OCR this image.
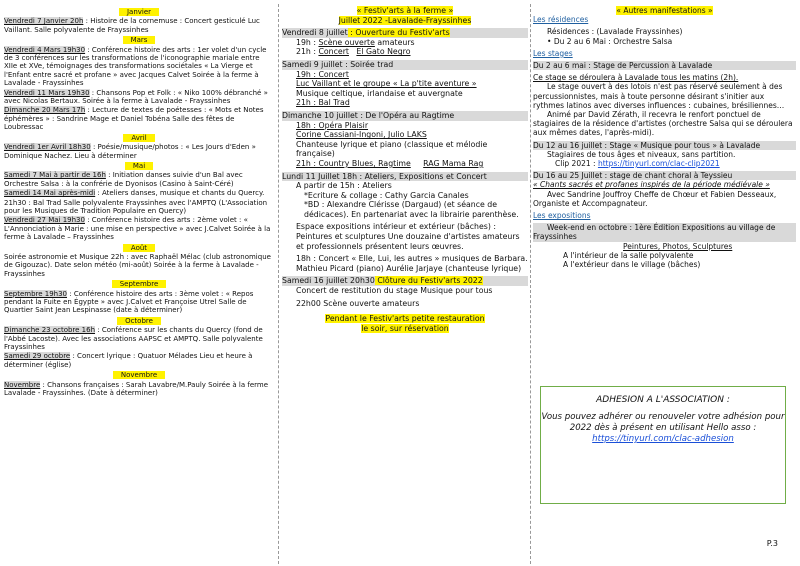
Janvier
Vendredi 7 Janvier 20h : Histoire de la cornemuse : Concert gesticulé Luc Vaillant. Salle polyvalente de Frayssinhes
Mars
Vendredi 4 Mars 19h30 : Conférence histoire des arts : 1er volet d'un cycle de 3 conférences sur les transformations de l'iconographie mariale entre XIIe et XVe, témoignages des transformations sociétales « La Vierge et l'Enfant entre sacré et profane » avec Jacques Calvet Soirée à la ferme à Lavalade - Frayssinhes
Vendredi 11 Mars 19h30 : Chansons Pop et Folk : « Niko 100% débranché » avec Nicolas Bertaux. Soirée à la ferme à Lavalade - Frayssinhes
Dimanche 20 Mars 17h : Lecture de textes de poétesses : « Mots et Notes éphémères » : Sandrine Mage et Daniel Tobéna Salle des fêtes de Loubressac
Avril
Vendredi 1er Avril 18h30 : Poésie/musique/photos : « Les Jours d'Eden » Dominique Nachez. Lieu à déterminer
Mai
Samedi 7 Mai à partir de 16h : Initiation danses suivie d'un Bal avec Orchestre Salsa : à la confrérie de Dyonisos (Casino à Saint-Céré)
Samedi 14 Mai après-midi : Ateliers danses, musique et chants du Quercy.
21h30 : Bal Trad Salle polyvalente Frayssinhes avec l'AMPTQ (L'Association pour les Musiques de Tradition Populaire en Quercy)
Vendredi 27 Mai 19h30 : Conférence histoire des arts : 2ème volet : « L'Annonciation à Marie : une mise en perspective » avec J.Calvet Soirée à la ferme à Lavalade – Frayssinhes
Août
Soirée astronomie et Musique 22h : avec Raphaël Mélac (club astronomique de Gigouzac). Date selon météo (mi-août) Soirée à la ferme à Lavalade - Frayssinhes
Septembre
Septembre 19h30 : Conférence histoire des arts : 3ème volet : « Repos pendant la Fuite en Égypte » avec J.Calvet et Françoise Utrel Salle de Quartier Saint Jean Lespinasse (date à déterminer)
Octobre
Dimanche 23 octobre 16h : Conférence sur les chants du Quercy (fond de l'Abbé Lacoste). Avec les associations AAPSC et AMPTQ. Salle polyvalente Frayssinhes
Samedi 29 octobre : Concert lyrique : Quatuor Mélades Lieu et heure à déterminer (église)
Novembre
Novembre : Chansons françaises : Sarah Lavabre/M.Pauly Soirée à la ferme Lavalade - Frayssinhes. (Date à déterminer)
« Festiv'arts à la ferme »
Juillet 2022 -Lavalade-Frayssinhes
Vendredi 8 juillet : Ouverture du Festiv'arts
19h : Scène ouverte amateurs
21h : Concert El Gato Negro
Samedi 9 juillet : Soirée trad
19h : Concert
Luc Vaillant et le groupe « La p'tite aventure »
Musique celtique, irlandaise et auvergnate
21h : Bal Trad
Dimanche 10 juillet : De l'Opéra au Ragtime
18h : Opéra Plaisir
Corine Cassiani-Ingoni, Julio LAKS
Chanteuse lyrique et piano (classique et mélodie française)
21h : Country Blues, Ragtime RAG Mama Rag
Lundi 11 Juillet 18h : Ateliers, Expositions et Concert
A partir de 15h : Ateliers
*Ecriture & collage : Cathy Garcia Canales
*BD : Alexandre Clérisse (Dargaud) (et séance de dédicaces). En partenariat avec la librairie parenthèse.
Espace expositions intérieur et extérieur (bâches) : Peintures et sculptures Une douzaine d'artistes amateurs et professionnels présentent leurs œuvres.
18h : Concert « Elle, Lui, les autres » musiques de Barbara. Mathieu Picard (piano) Aurélie Jarjaye (chanteuse lyrique)
Samedi 16 juillet 20h30 Clôture du Festiv'arts 2022
Concert de restitution du stage Musique pour tous
22h00 Scène ouverte amateurs
Pendant le Festiv'arts petite restauration
le soir, sur réservation
« Autres manifestations »
Les résidences
Résidences : (Lavalade Frayssinhes)
• Du 2 au 6 Mai : Orchestre Salsa
Les stages
Du 2 au 6 mai : Stage de Percussion à Lavalade
Ce stage se déroulera à Lavalade tous les matins (2h).
Le stage ouvert à des lotois n'est pas réservé seulement à des percussionnistes, mais à toute personne désirant s'initier aux rythmes latinos avec diverses influences : cubaines, brésiliennes…
Animé par David Zérath, il recevra le renfort ponctuel de stagiaires de la résidence d'artistes (orchestre Salsa qui se déroulera aux mêmes dates, l'après-midi).
Du 12 au 16 juillet : Stage « Musique pour tous » à Lavalade
Stagiaires de tous âges et niveaux, sans partition.
Clip 2021 : https://tinyurl.com/clac-clip2021
Du 16 au 25 Juillet : stage de chant choral à Teyssieu
« Chants sacrés et profanes inspirés de la période médiévale »
Avec Sandrine Jouffroy Cheffe de Chœur et Fabien Desseaux, Organiste et Accompagnateur.
Les expositions
Week-end en octobre : 1ère Édition Expositions au village de Frayssinhes
Peintures, Photos, Sculptures
A l'intérieur de la salle polyvalente
A l'extérieur dans le village (bâches)
ADHESION A L'ASSOCIATION :
Vous pouvez adhérer ou renouveler votre adhésion pour 2022 dès à présent en utilisant Hello asso :
https://tinyurl.com/clac-adhesion
P.3
